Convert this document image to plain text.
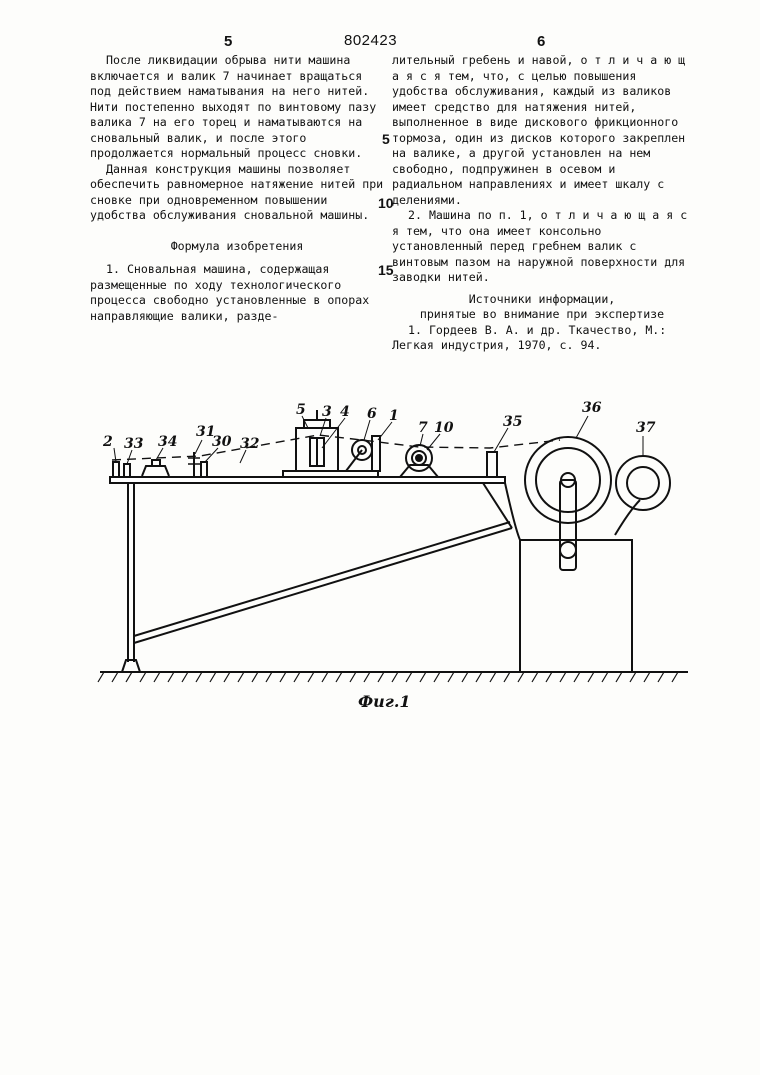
5	802423	6

После ликвидации обрыва нити машина включается и валик 7 начинает вращаться под действием наматывания на него нитей. Нити постепенно выходят по винтовому пазу валика 7 на его торец и наматываются на сновальный валик, и после этого продолжается нормальный процесс сновки.

Данная конструкция машины позволяет обеспечить равномерное натяжение нитей при сновке при одновременном повышении удобства обслуживания сновальной машины.

Формула изобретения

1. Сновальная машина, содержащая размещенные по ходу технологического процесса свободно установленные в опорах направляющие валики, разде-

лительный гребень и навой, о т л и ч а ю щ а я с я тем, что, с целью повышения удобства обслуживания, каждый из валиков имеет средство для натяжения нитей, выполненное в виде дискового фрикционного тормоза, один из дисков которого закреплен на валике, а другой установлен на нем свободно, подпружинен в осевом и радиальном направлениях и имеет шкалу с делениями.

2. Машина по п. 1, о т л и ч а ю щ а я с я тем, что она имеет консольно установленный перед гребнем валик с винтовым пазом на наружной поверхности для заводки нитей.

Источники информации,

принятые во внимание при экспертизе

1. Гордеев В. А. и др. Ткачество, М.: Легкая индустрия, 1970, с. 94.

5
10
15
2 33 34
31
30 32
5 3 4 6 1
7 10	35
36
37
Фиг.1
